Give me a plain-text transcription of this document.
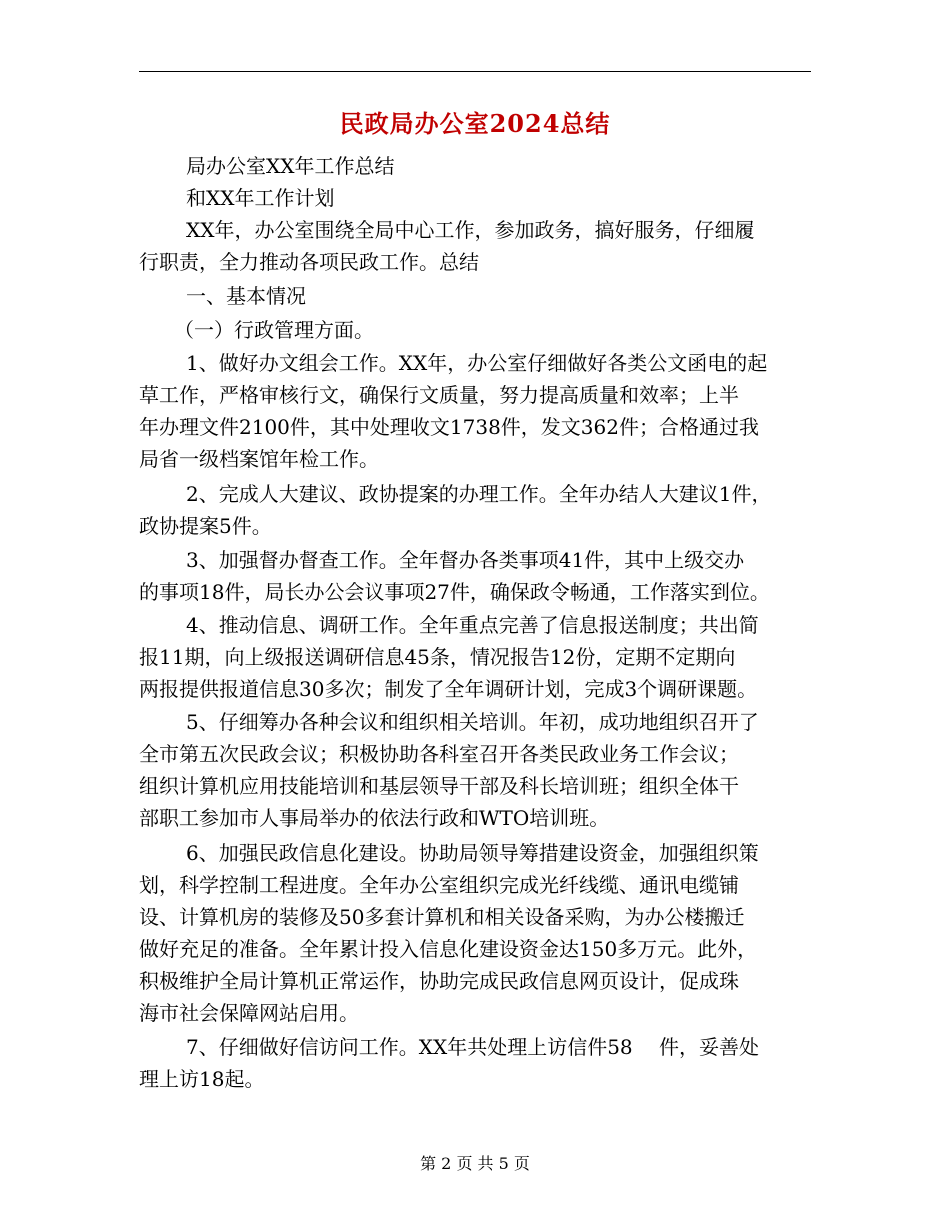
民政局办公室2024总结
局办公室XX年工作总结
和XX年工作计划
XX年，办公室围绕全局中心工作，参加政务，搞好服务，仔细履
行职责，全力推动各项民政工作。总结
一、基本情况
（一）行政管理方面。
1、做好办文组会工作。XX年，办公室仔细做好各类公文函电的起
草工作，严格审核行文，确保行文质量，努力提高质量和效率；上半
年办理文件2100件，其中处理收文1738件，发文362件；合格通过我
局省一级档案馆年检工作。
2、完成人大建议、政协提案的办理工作。全年办结人大建议1件，
政协提案5件。
3、加强督办督查工作。全年督办各类事项41件，其中上级交办
的事项18件，局长办公会议事项27件，确保政令畅通，工作落实到位。
4、推动信息、调研工作。全年重点完善了信息报送制度；共出简
报11期，向上级报送调研信息45条，情况报告12份，定期不定期向
两报提供报道信息30多次；制发了全年调研计划，完成3个调研课题。
5、仔细筹办各种会议和组织相关培训。年初，成功地组织召开了
全市第五次民政会议；积极协助各科室召开各类民政业务工作会议；
组织计算机应用技能培训和基层领导干部及科长培训班；组织全体干
部职工参加市人事局举办的依法行政和WTO培训班。
6、加强民政信息化建设。协助局领导筹措建设资金，加强组织策
划，科学控制工程进度。全年办公室组织完成光纤线缆、通讯电缆铺
设、计算机房的装修及50多套计算机和相关设备采购，为办公楼搬迁
做好充足的准备。全年累计投入信息化建设资金达150多万元。此外，
积极维护全局计算机正常运作，协助完成民政信息网页设计，促成珠
海市社会保障网站启用。
7、仔细做好信访问工作。XX年共处理上访信件58　 件，妥善处
理上访18起。
第 2 页 共 5 页
